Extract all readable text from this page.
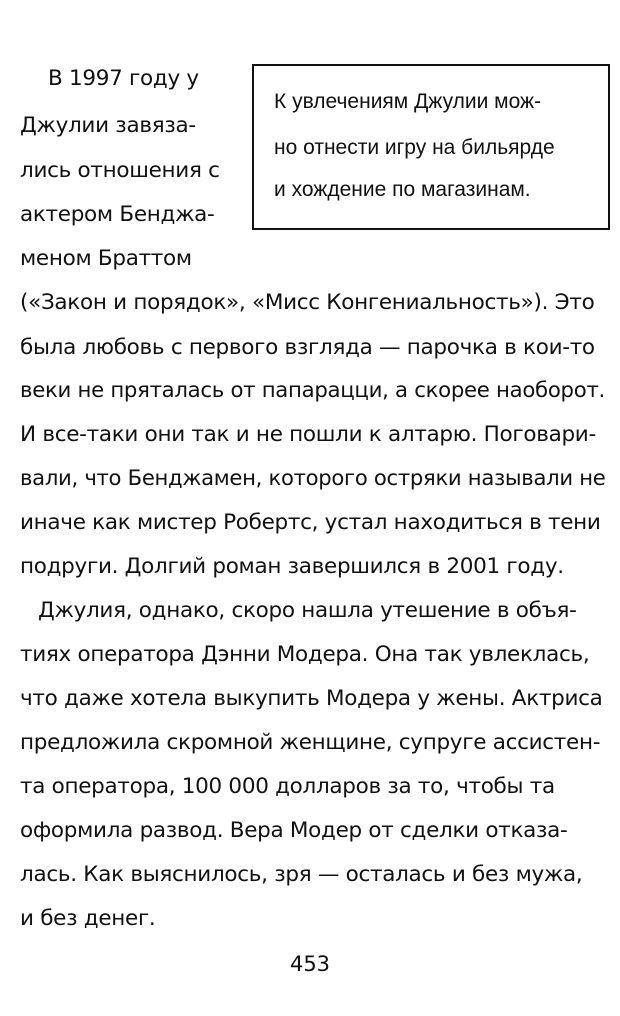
К увлечениям Джулии мож-
но отнести игру на бильярде
и хождение по магазинам.
В 1997 году у
Джулии завяза-
лись отношения с
актером Бенджа-
меном Браттом
(«Закон и порядок», «Мисс Конгениальность»). Это
была любовь с первого взгляда — парочка в кои-то
веки не пряталась от папарацци, а скорее наоборот.
И все-таки они так и не пошли к алтарю. Поговари-
вали, что Бенджамен, которого остряки называли не
иначе как мистер Робертс, устал находиться в тени
подруги. Долгий роман завершился в 2001 году.
Джулия, однако, скоро нашла утешение в объя-
тиях оператора Дэнни Модера. Она так увлеклась,
что даже хотела выкупить Модера у жены. Актриса
предложила скромной женщине, супруге ассистен-
та оператора, 100 000 долларов за то, чтобы та
оформила развод. Вера Модер от сделки отказа-
лась. Как выяснилось, зря — осталась и без мужа,
и без денег.
453
